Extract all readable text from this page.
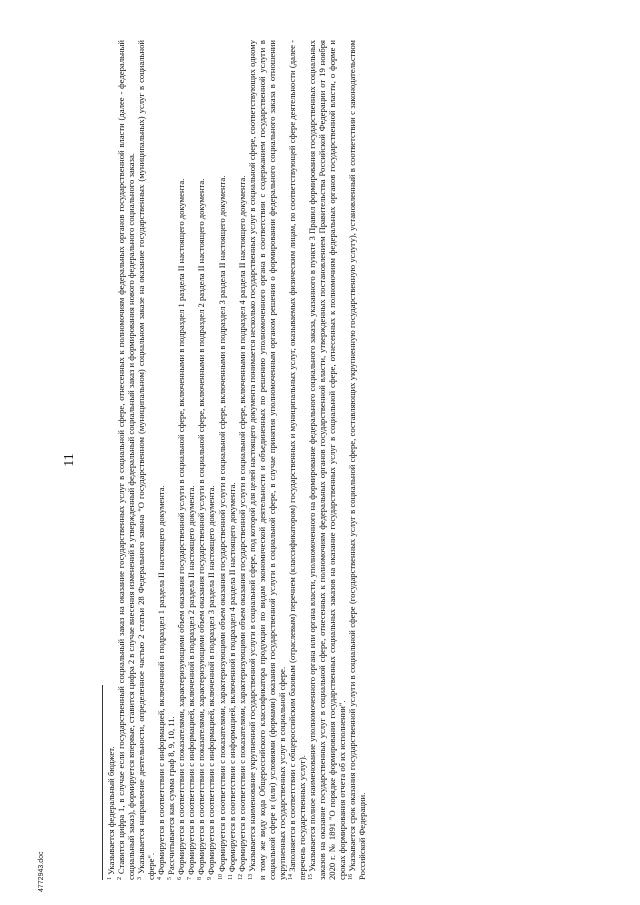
11

$^1$ Указывается федеральный бюджет.

$^2$ Ставится цифра 1, в случае если государственный социальный заказ на оказание государственных услуг в социальной сфере, отнесенных к полномочиям федеральных органов государственной власти (далее - федеральный социальный заказ), формируется впервые, ставится цифра 2 в случае внесения изменений в утвержденный федеральный социальный заказ и формирования нового федерального социального заказа. $^3$ Указывается направление деятельности, определенное частью 2 статьи 28 Федерального закона "О государственном (муниципальном) социальном заказе на оказание государственных (муниципальных) услуг в социальной сфере". $^4$ Формируется в соответствии с информацией, включенной в подраздел 1 раздела II настоящего документа.

$^5$ Рассчитывается как сумма граф 8, 9, 10, 11.

$^6$ Формируется в соответствии с показателями, характеризующими объем оказания государственной услуги в социальной сфере, включенными в подраздел 1 раздела II настоящего документа.

$^7$ Формируется в соответствии с информацией, включенной в подраздел 2 раздела II настоящего документа.

$^8$ Формируется в соответствии с показателями, характеризующими объем оказания государственной услуги в социальной сфере, включенными в подраздел 2 раздела II настоящего документа.

$^9$ Формируется в соответствии с информацией, включенной в подраздел 3 раздела II настоящего документа. $^{10}$ Формируется в соответствии с показателями, характеризующими объем оказания государственной услуги в социальной сфере, включенными в подраздел 3 раздела II настоящего документа.

$^{11}$ Формируется в соответствии с информацией, включенной в подраздел 4 раздела II настоящего документа.

$^{12}$ Формируется в соответствии с показателями, характеризующими объем оказания государственной услуги в социальной сфере, включенными в подраздел 4 раздела II настоящего документа.

$^{13}$ Указывается наименование укрупненной государственной услуги в социальной сфере, под которой для целей настоящего документа понимается несколько государственных услуг в социальной сфере, соответствующих одному и тому же виду кода Общероссийского классификатора продукции по видам экономической деятельности и объединенных по решению уполномоченного органа в соответствии с содержанием государственной услуги в социальной сфере и (или) условиями (формами) оказания государственной услуги в социальной сфере, в случае принятия уполномоченным органом решения о формировании федерального социального заказа в отношении укрупненных государственных услуг в социальной сфере. $^{14}$ Заполняется в соответствии с общероссийским базовым (отраслевым) перечнем (классификатором) государственных и муниципальных услуг, оказываемых физическим лицам, по соответствующей сфере деятельности (далее - перечень государственных услуг). $^{15}$ Указывается полное наименование уполномоченного органа или органа власти, уполномоченного на формирование федерального социального заказа, указанного в пункте 3 Правил формирования государственных социальных заказов на оказание государственных услуг в социальной сфере, отнесенных к полномочиям федеральных органов государственной власти, утвержденных постановлением Правительства Российской Федерации от 19 ноября 2020 г. № 1891 "О порядке формирования государственных социальных заказов на оказание государственных услуг в социальной сфере, отнесенных к полномочиям федеральных органов государственной власти, о форме и сроках формирования отчета об их исполнении". $^{16}$ Указывается срок оказания государственной услуги в социальной сфере (государственных услуг в социальной сфере, составляющих укрупненную государственную услугу), установленный в соответствии с законодательством Российской Федерации.

4772943.doc
